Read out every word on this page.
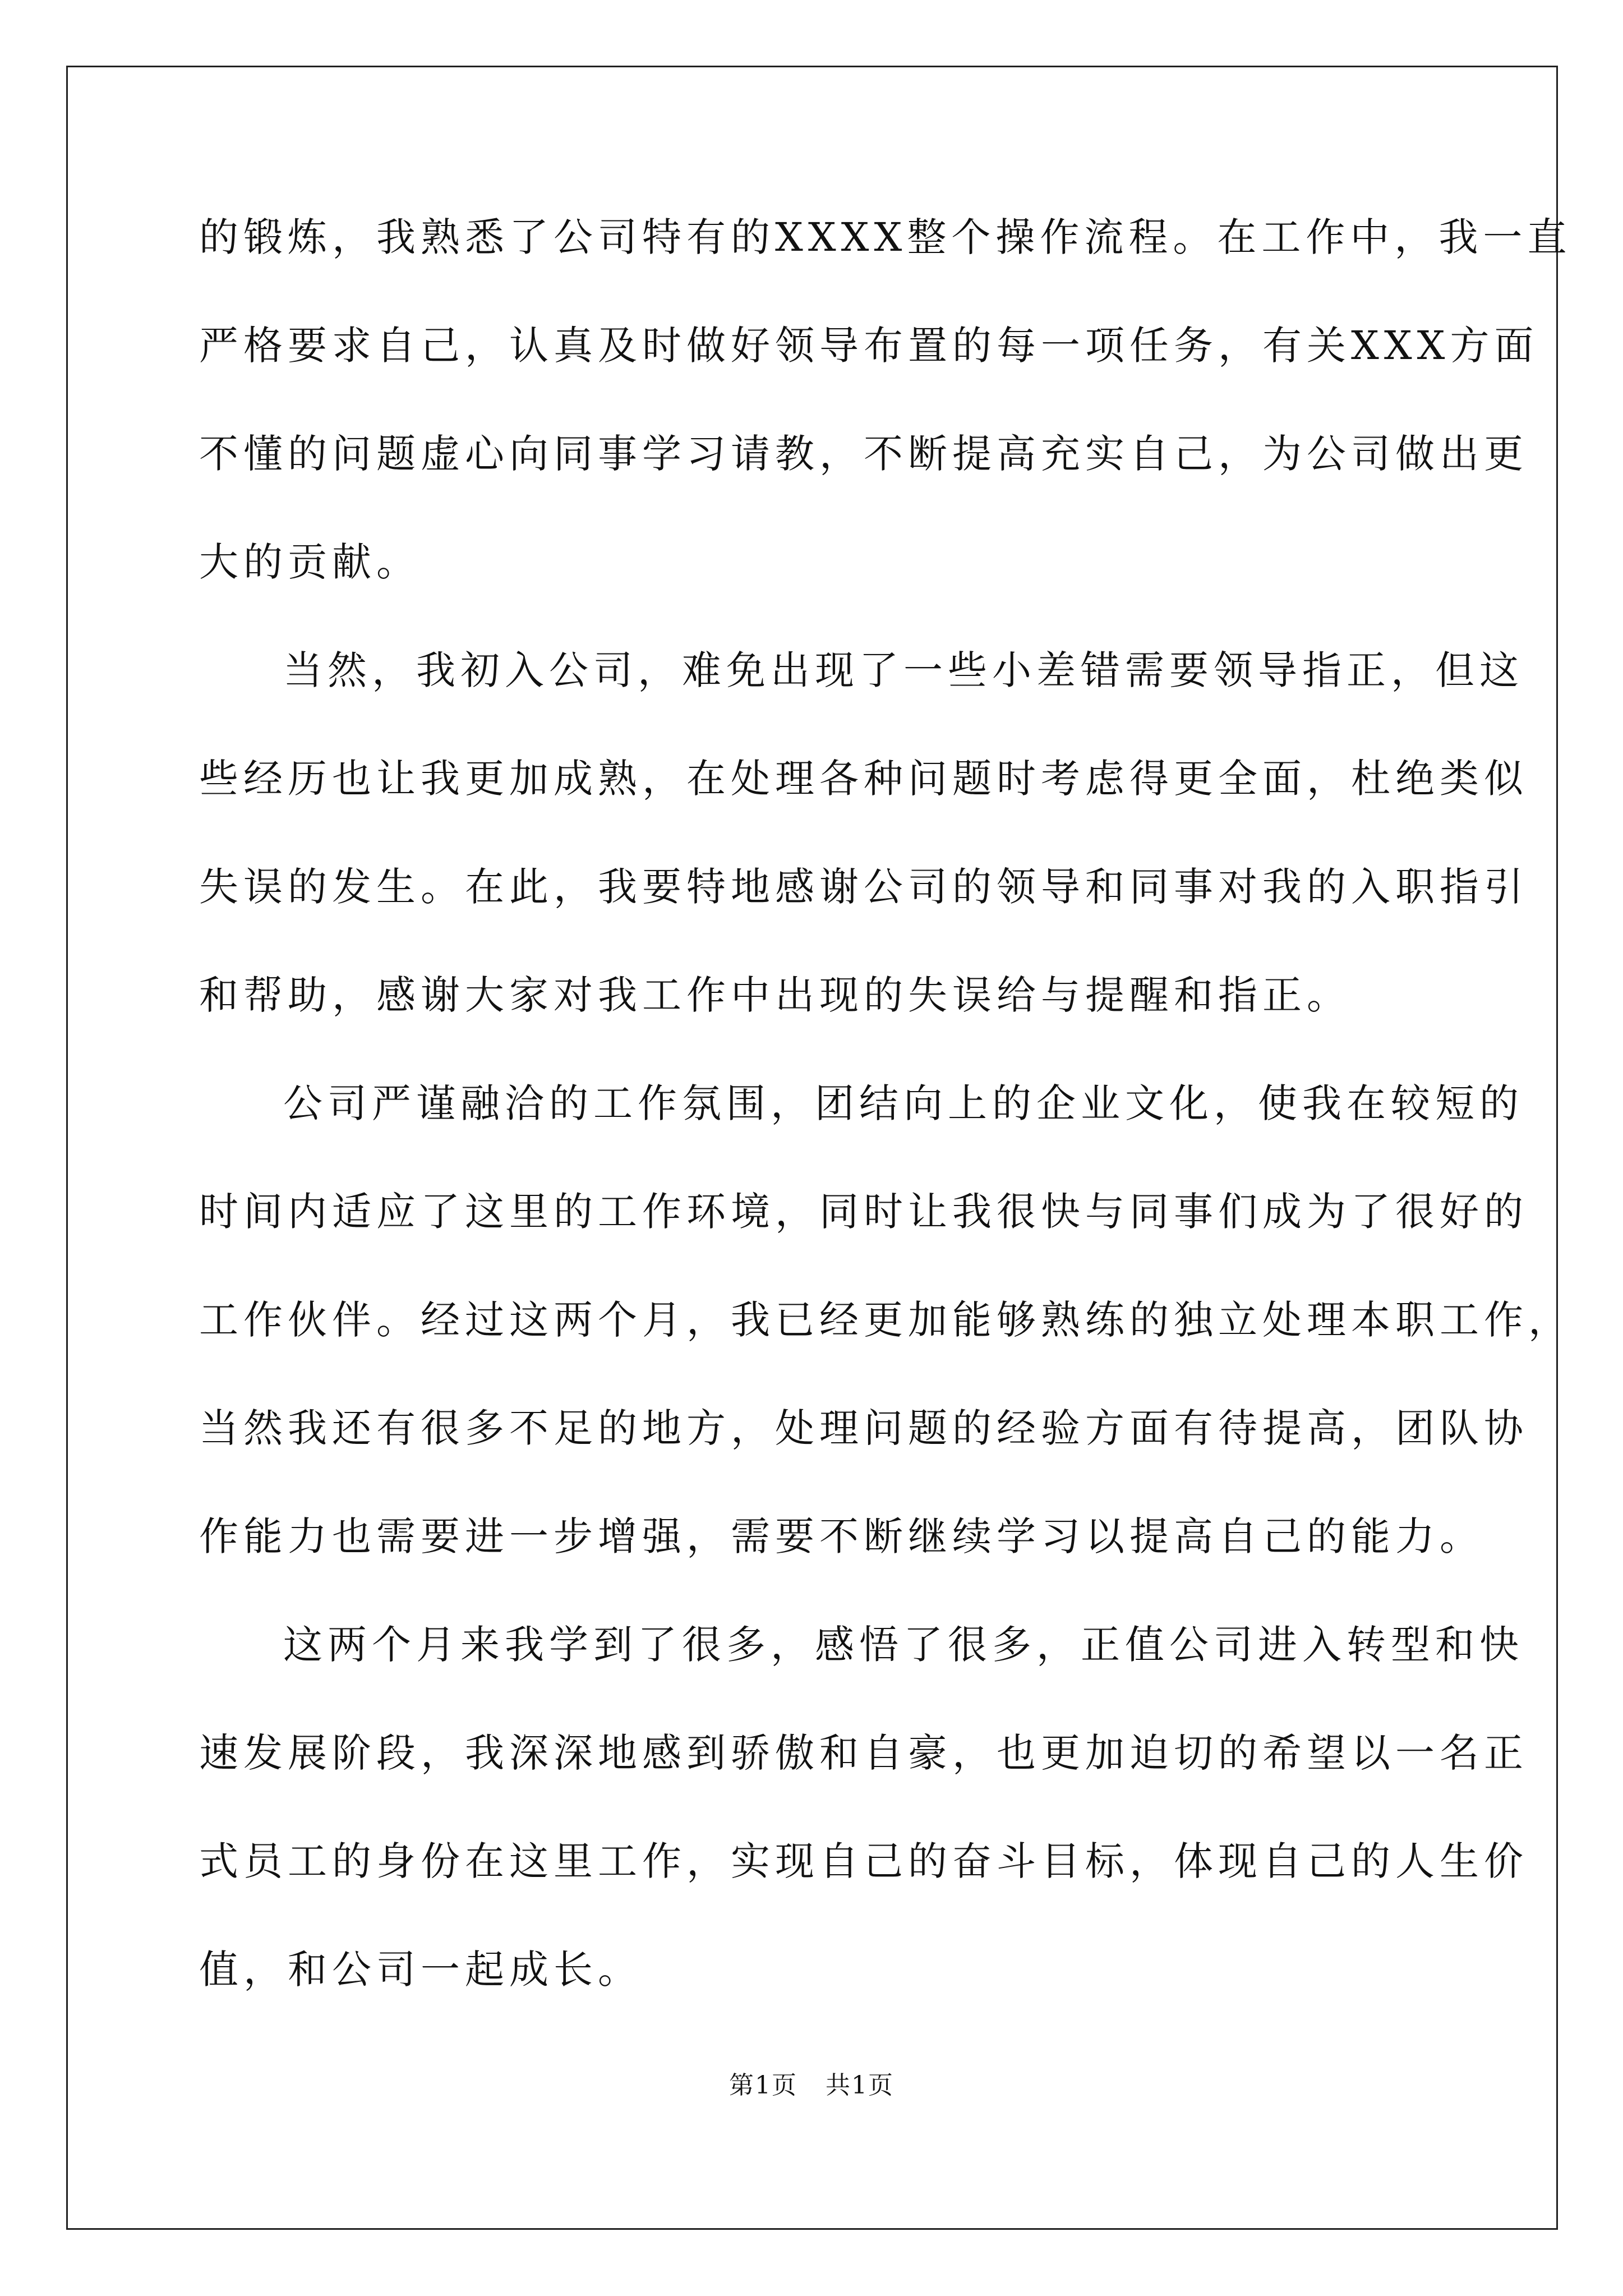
的锻炼，我熟悉了公司特有的XXXX整个操作流程。在工作中，我一直
严格要求自己，认真及时做好领导布置的每一项任务，有关XXX方面
不懂的问题虚心向同事学习请教，不断提高充实自己，为公司做出更
大的贡献。
当然，我初入公司，难免出现了一些小差错需要领导指正，但这
些经历也让我更加成熟，在处理各种问题时考虑得更全面，杜绝类似
失误的发生。在此，我要特地感谢公司的领导和同事对我的入职指引
和帮助，感谢大家对我工作中出现的失误给与提醒和指正。
公司严谨融洽的工作氛围，团结向上的企业文化，使我在较短的
时间内适应了这里的工作环境，同时让我很快与同事们成为了很好的
工作伙伴。经过这两个月，我已经更加能够熟练的独立处理本职工作，
当然我还有很多不足的地方，处理问题的经验方面有待提高，团队协
作能力也需要进一步增强，需要不断继续学习以提高自己的能力。
这两个月来我学到了很多，感悟了很多，正值公司进入转型和快
速发展阶段，我深深地感到骄傲和自豪，也更加迫切的希望以一名正
式员工的身份在这里工作，实现自己的奋斗目标，体现自己的人生价
值，和公司一起成长。
第1页 共1页
